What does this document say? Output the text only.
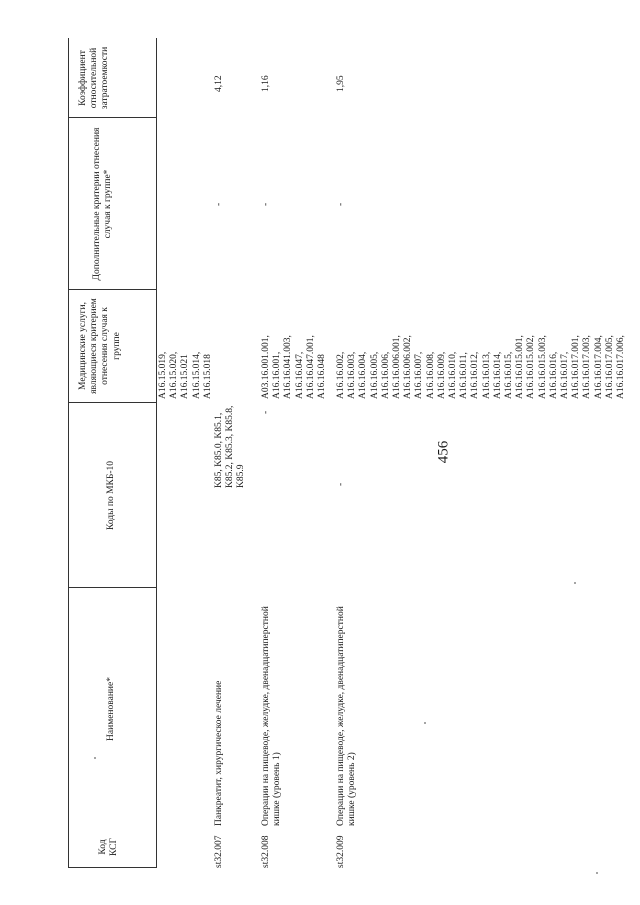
456
Код КСГ
Наименование*
Коды по МКБ-10
Медицинские услуги, являющиеся критерием отнесения случая к группе
Дополнительные критерии отнесения случая к группе*
Коэффициент относительной затратоемкости
A16.15.019, A16.15.020, A16.15.021 A16.15.014, A16.15.018
st32.007
Панкреатит, хирургическое лечение
K85, K85.0, K85.1, K85.2, K85.3, K85.8, K85.9
-
4,12
st32.008
Операции на пищеводе, желудке, двенадцатиперстной кишке (уровень 1)
-
A03.16.001.001, A16.16.001, A16.16.041.003, A16.16.047, A16.16.047.001, A16.16.048
-
1,16
st32.009
Операции на пищеводе, желудке, двенадцатиперстной кишке (уровень 2)
-
A16.16.002, A16.16.003, A16.16.004, A16.16.005, A16.16.006, A16.16.006.001, A16.16.006.002, A16.16.007, A16.16.008, A16.16.009, A16.16.010, A16.16.011, A16.16.012, A16.16.013, A16.16.014, A16.16.015, A16.16.015.001, A16.16.015.002, A16.16.015.003, A16.16.016, A16.16.017, A16.16.017.001, A16.16.017.003, A16.16.017.004, A16.16.017.005, A16.16.017.006,
-
1,95
